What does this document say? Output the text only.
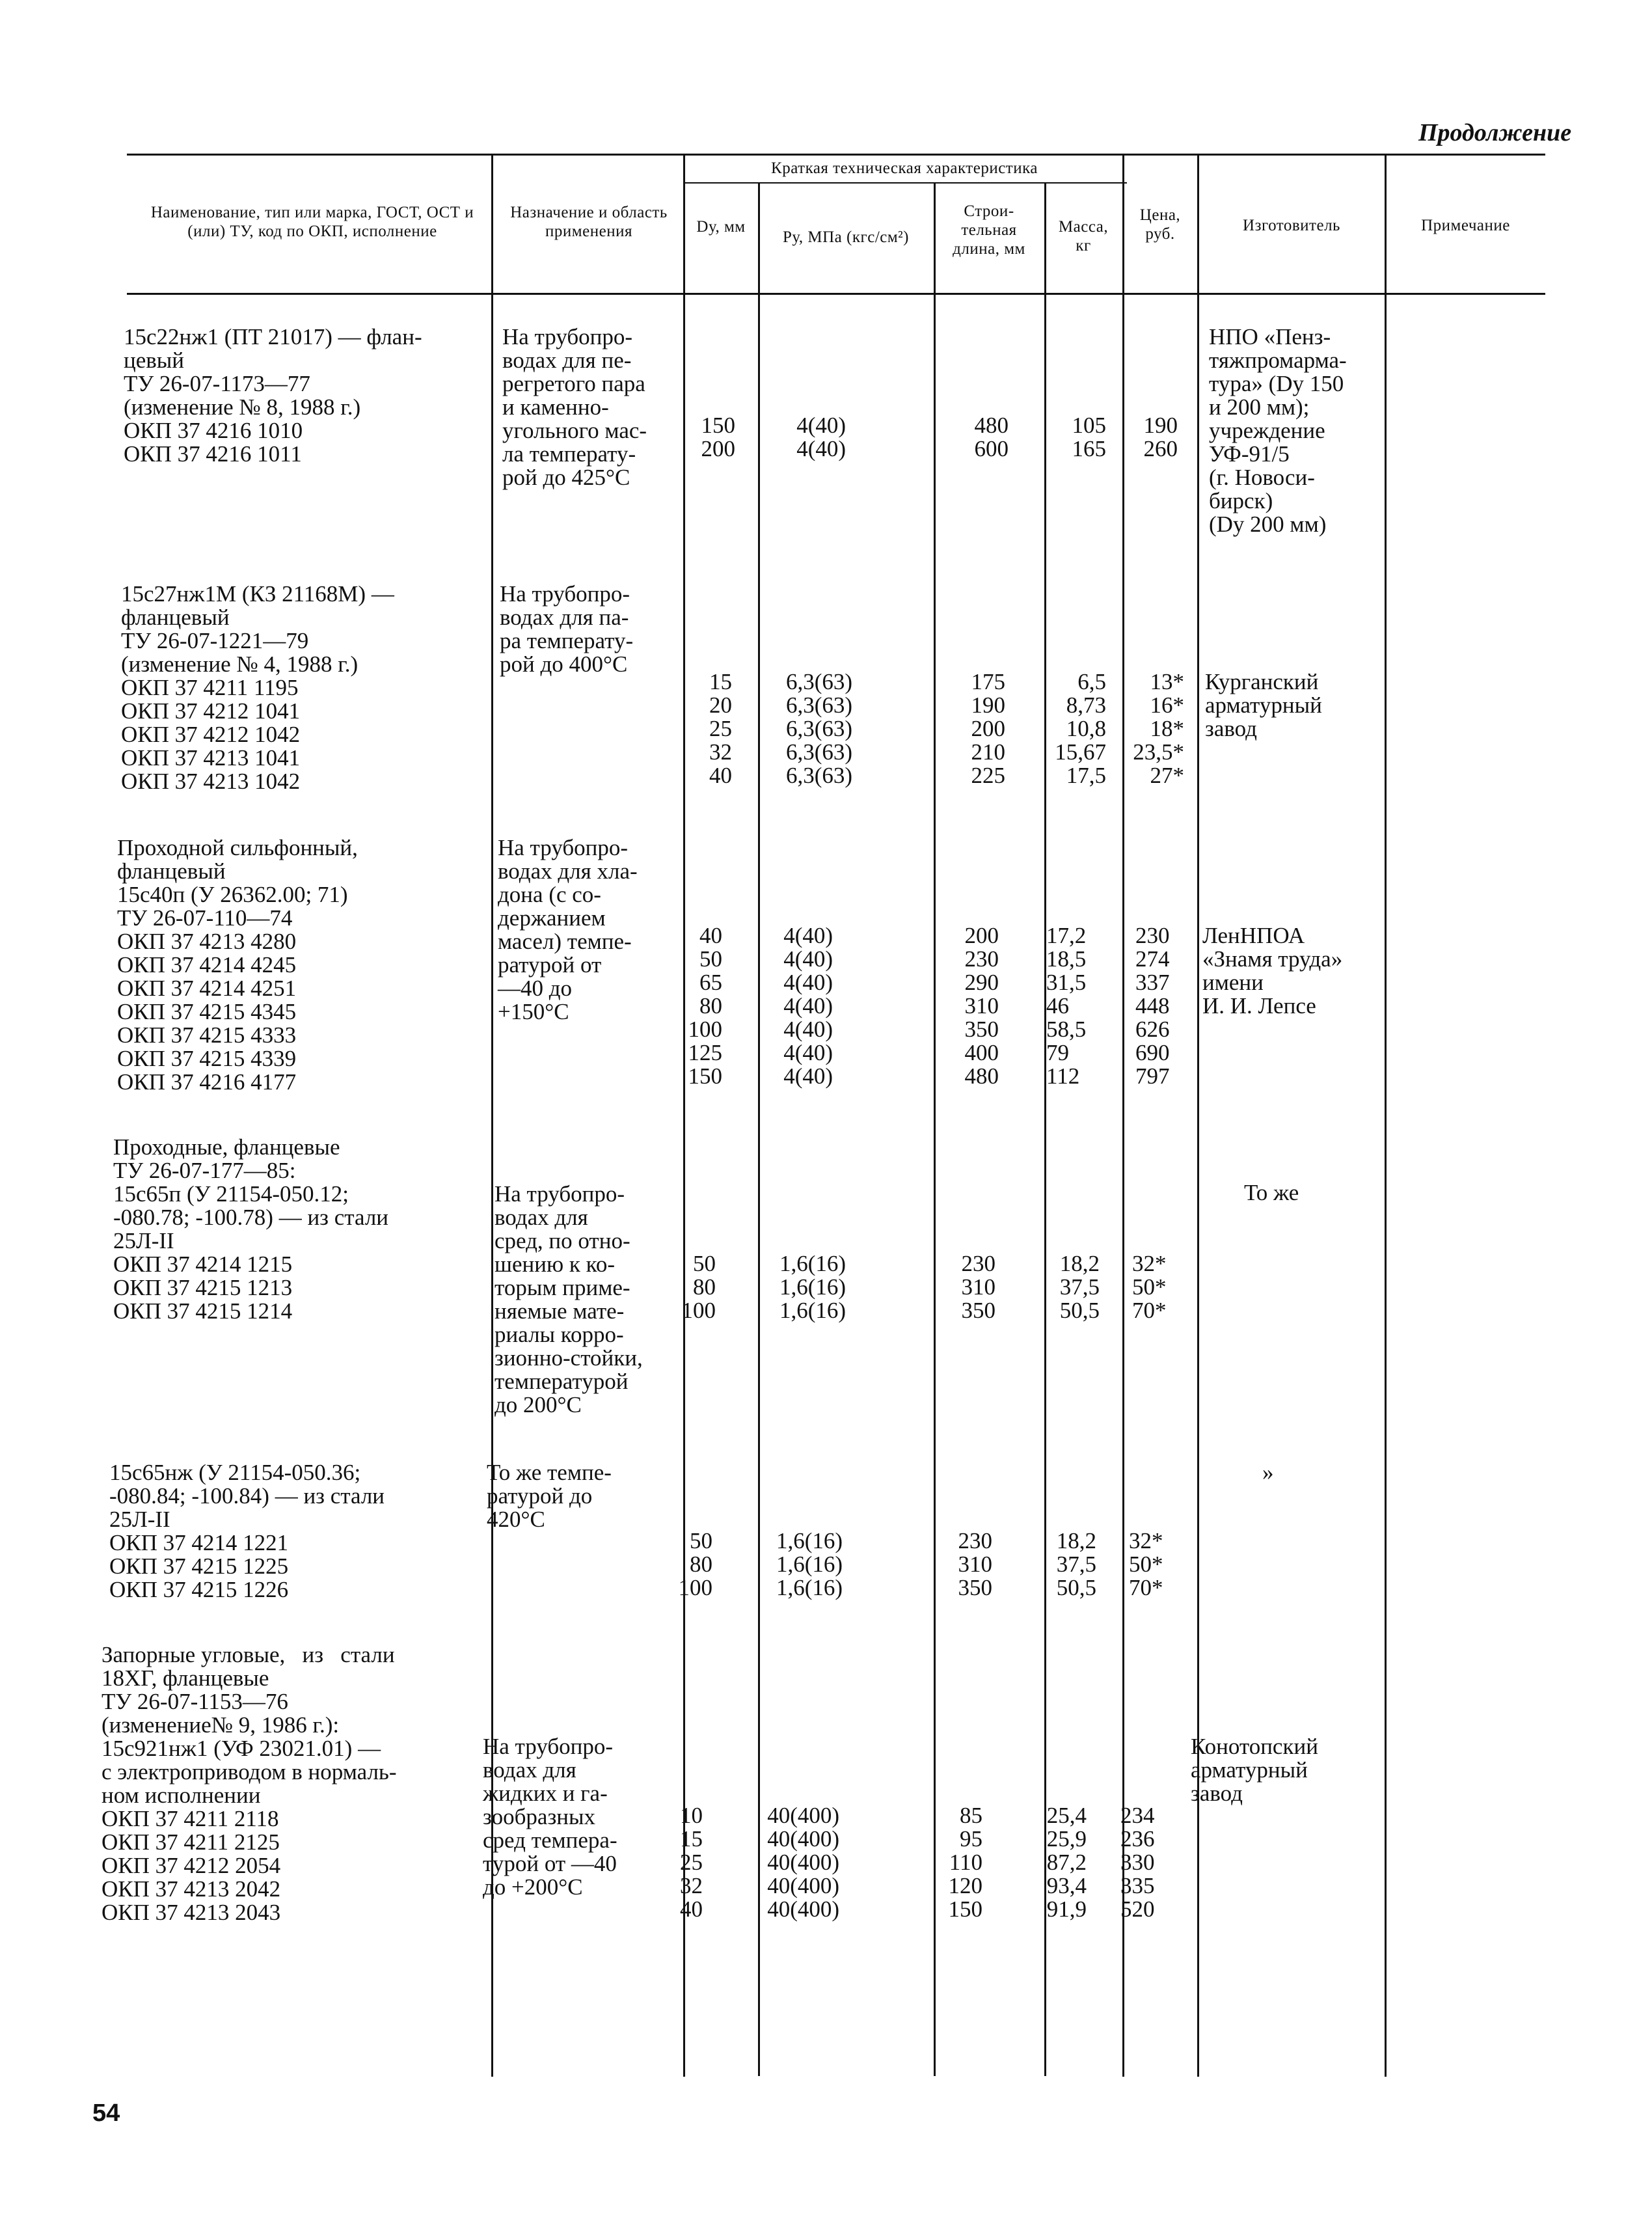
Продолжение
Наименование, тип или марка, ГОСТ, ОСТ и (или) ТУ, код по ОКП, исполнение
Назначение и область применения
Краткая техническая характеристика
Dу, мм
Pу, МПа (кгс/см²)
Строи- тельная длина, мм
Масса, кг
Цена, руб.	Изготовитель	Примечание
15с22нж1 (ПТ 21017) — флан-
цевый
ТУ 26-07-1173—77
(изменение № 8, 1988 г.)
ОКП 37 4216 1010
ОКП 37 4216 1011
На трубопро-
водах для пе-
регретого пара
и каменно-
угольного мас-
ла температу-
рой до 425°С
150
200
4(40)
4(40)
480
600
105
165
190
260
НПО «Пенз-
тяжпромарма-
тура» (Dу 150
и 200 мм);
учреждение
УФ-91/5
(г. Новоси-
бирск)
(Dу 200 мм)
15с27нж1М (КЗ 21168М) —
фланцевый
ТУ 26-07-1221—79
(изменение № 4, 1988 г.)
ОКП 37 4211 1195
ОКП 37 4212 1041
ОКП 37 4212 1042
ОКП 37 4213 1041
ОКП 37 4213 1042
На трубопро-
водах для па-
ра температу-
рой до 400°С
15
20
25
32
40
6,3(63)
6,3(63)
6,3(63)
6,3(63)
6,3(63)
175
190
200
210
225
6,5
8,73
10,8
15,67
17,5
13*
16*
18*
23,5*
27*
Курганский
арматурный
завод
Проходной сильфонный,
фланцевый
15с40п (У 26362.00; 71)
ТУ 26-07-110—74
ОКП 37 4213 4280
ОКП 37 4214 4245
ОКП 37 4214 4251
ОКП 37 4215 4345
ОКП 37 4215 4333
ОКП 37 4215 4339
ОКП 37 4216 4177
На трубопро-
водах для хла-
дона (с со-
держанием
масел) темпе-
ратурой от
—40 до
+150°С
40
50
65
80
100
125
150
4(40)
4(40)
4(40)
4(40)
4(40)
4(40)
4(40)
200
230
290
310
350
400
480
17,2
18,5
31,5
46
58,5
79
112
230
274
337
448
626
690
797
ЛенНПОА
«Знамя труда»
имени
И. И. Лепсе
Проходные, фланцевые
ТУ 26-07-177—85:
15с65п (У 21154-050.12;
-080.78; -100.78) — из стали
25Л-II
ОКП 37 4214 1215
ОКП 37 4215 1213
ОКП 37 4215 1214
На трубопро-
водах для
сред, по отно-
шению к ко-
торым приме-
няемые мате-
риалы корро-
зионно-стойки,
температурой
до 200°С
50
80
100
1,6(16)
1,6(16)
1,6(16)
230
310
350
18,2
37,5
50,5
32*
50*
70*
То же
15с65нж (У 21154-050.36;
-080.84; -100.84) — из стали
25Л-II
ОКП 37 4214 1221
ОКП 37 4215 1225
ОКП 37 4215 1226
То же темпе-
ратурой до
420°С
50
80
100
1,6(16)
1,6(16)
1,6(16)
230
310
350
18,2
37,5
50,5
32*
50*
70*
»
Запорные угловые,   из   стали
18ХГ, фланцевые
ТУ 26-07-1153—76
(изменение№ 9, 1986 г.):
15с921нж1 (УФ 23021.01) —
с электроприводом в нормаль-
ном исполнении
ОКП 37 4211 2118
ОКП 37 4211 2125
ОКП 37 4212 2054
ОКП 37 4213 2042
ОКП 37 4213 2043
На трубопро-
водах для
жидких и га-
зообразных
сред темпера-
турой от —40
до +200°С
10
15
25
32
40
40(400)
40(400)
40(400)
40(400)
40(400)
85
95
110
120
150
25,4
25,9
87,2
93,4
91,9
234
236
330
335
520
Конотопский
арматурный
завод
54
